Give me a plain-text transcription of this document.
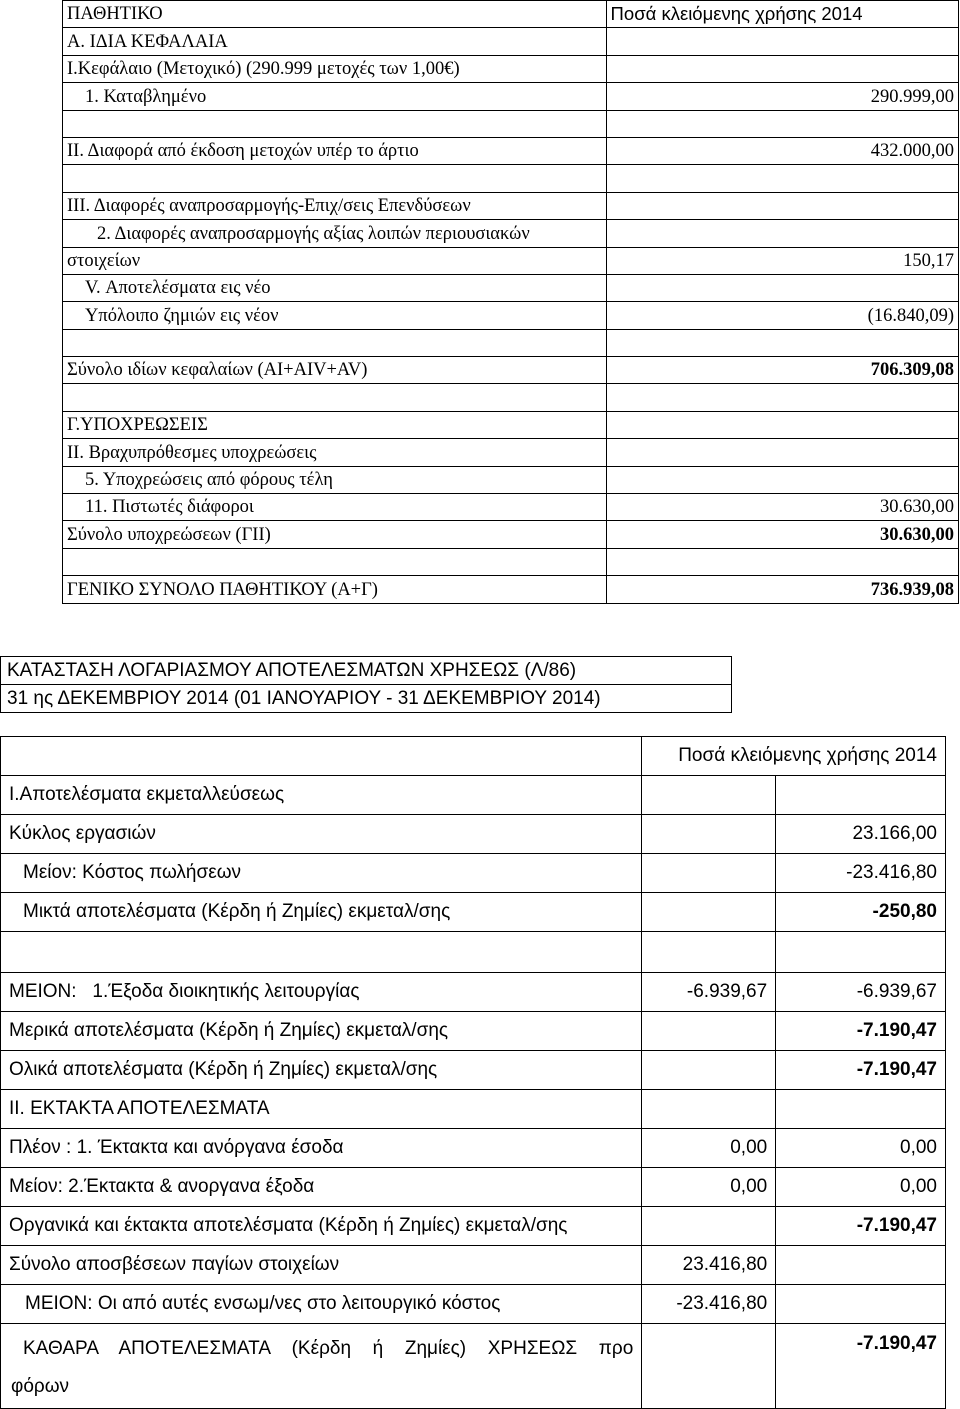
ΠΑΘΗΤΙΚΟ	Ποσά κλειόμενης χρήσης 2014
Α. ΙΔΙΑ ΚΕΦΑΛΑΙΑ	
Ι.Κεφάλαιο (Μετοχικό) (290.999 μετοχές των 1,00€)	
1. Καταβλημένο	290.999,00

ΙΙ. Διαφορά από έκδοση μετοχών υπέρ το άρτιο	432.000,00

ΙΙΙ. Διαφορές αναπροσαρμογής-Επιχ/σεις Επενδύσεων	
2. Διαφορές αναπροσαρμογής αξίας λοιπών περιουσιακών	
στοιχείων	150,17
V. Αποτελέσματα εις νέο	
Υπόλοιπο ζημιών εις νέον	(16.840,09)

Σύνολο ιδίων κεφαλαίων (ΑΙ+ΑΙV+AV)	706.309,08

Γ.ΥΠΟΧΡΕΩΣΕΙΣ	
ΙΙ. Βραχυπρόθεσμες υποχρεώσεις	
5. Υποχρεώσεις από φόρους τέλη	
11. Πιστωτές διάφοροι	30.630,00
Σύνολο υποχρεώσεων (ΓΙΙ)	30.630,00

ΓΕΝΙΚΟ ΣΥΝΟΛΟ ΠΑΘΗΤΙΚΟΥ (Α+Γ)	736.939,08
ΚΑΤΑΣΤΑΣΗ ΛΟΓΑΡΙΑΣΜΟΥ ΑΠΟΤΕΛΕΣΜΑΤΩΝ ΧΡΗΣΕΩΣ (Λ/86)
31 ης ΔΕΚΕΜΒΡΙΟΥ 2014 (01 ΙΑΝΟΥΑΡΙΟΥ - 31 ΔΕΚΕΜΒΡΙΟΥ 2014)
	Ποσά κλειόμενης χρήσης 2014	
Ι.Αποτελέσματα εκμεταλλεύσεως		
Κύκλος εργασιών		23.166,00
Μείον: Κόστος πωλήσεων		-23.416,80
Μικτά αποτελέσματα (Κέρδη ή Ζημίες) εκμεταλ/σης		-250,80

ΜΕΙΟΝ:   1.Έξοδα διοικητικής λειτουργίας	-6.939,67	-6.939,67
Μερικά αποτελέσματα (Κέρδη ή Ζημίες) εκμεταλ/σης		-7.190,47
Ολικά αποτελέσματα (Κέρδη ή Ζημίες) εκμεταλ/σης		-7.190,47
ΙΙ. ΕΚΤΑΚΤΑ ΑΠΟΤΕΛΕΣΜΑΤΑ		
Πλέον : 1. Έκτακτα και ανόργανα έσοδα	0,00	0,00
Μείον: 2.Έκτακτα & ανοργανα έξοδα	0,00	0,00
Οργανικά και έκτακτα αποτελέσματα (Κέρδη ή Ζημίες) εκμεταλ/σης		-7.190,47
Σύνολο αποσβέσεων παγίων στοιχείων	23.416,80	
ΜΕΙΟΝ: Οι από αυτές ενσωμ/νες στο λειτουργικό κόστος	-23.416,80	

ΚΑΘΑΡΑ ΑΠΟΤΕΛΕΣΜΑΤΑ (Κέρδη ή Ζημίες) ΧΡΗΣΕΩΣ προ
φόρων		-7.190,47
